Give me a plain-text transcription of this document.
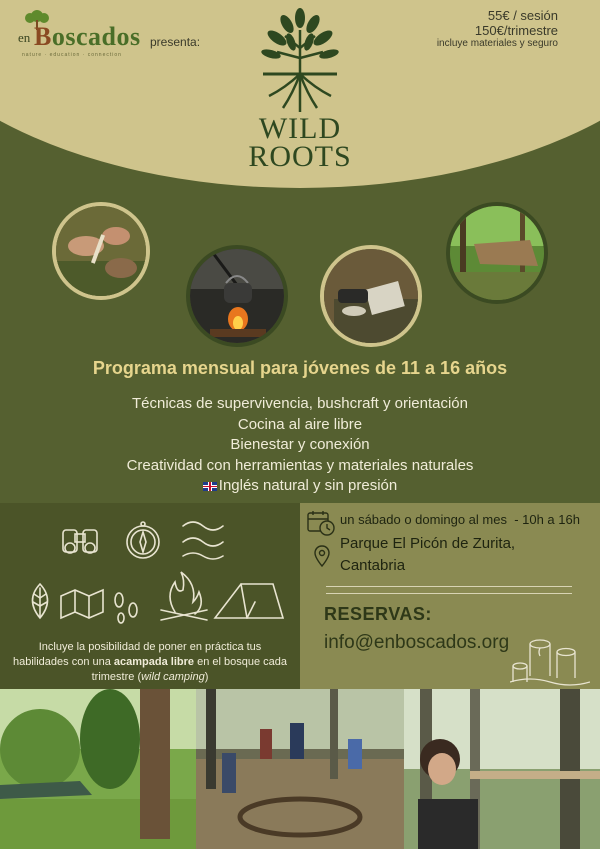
en Boscados
nature · education · connection
presenta:
55€ / sesión
150€/trimestre
incluye materiales y seguro
WILD
ROOTS
Programa mensual para jóvenes de 11 a 16 años
Técnicas de supervivencia, bushcraft y orientación
Cocina al aire libre
Bienestar y conexión
Creatividad con herramientas y materiales naturales
Inglés natural y sin presión
Incluye la posibilidad de poner en práctica tus habilidades con una acampada libre en el bosque cada trimestre (wild camping)
un sábado o domingo al mes - 10h a 16h
Parque El Picón de Zurita,
Cantabria
RESERVAS:
info@enboscados.org
